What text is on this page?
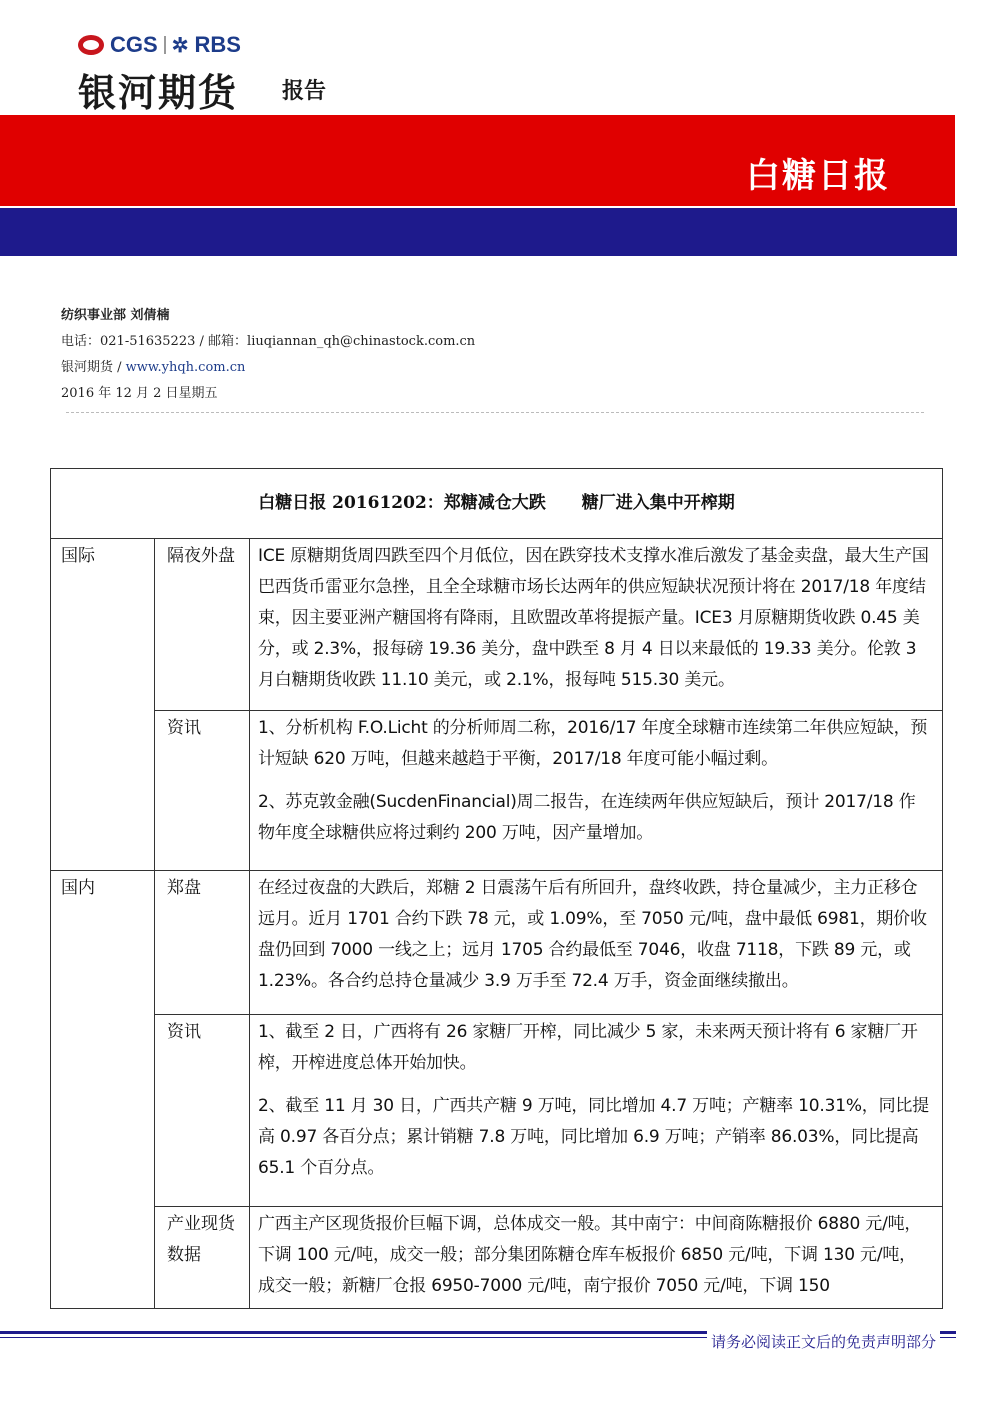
CGS ✲ RBS
银河期货 报告
白糖日报
纺织事业部 刘倩楠
电话：021-51635223 / 邮箱：liuqiannan_qh@chinastock.com.cn
银河期货 / www.yhqh.com.cn
2016 年 12 月 2 日星期五
白糖日报 20161202：郑糖减仓大跌 糖厂进入集中开榨期		
国际	隔夜外盘	ICE 原糖期货周四跌至四个月低位，因在跌穿技术支撑水准后激发了基金卖盘，最大生产国巴西货币雷亚尔急挫，且全全球糖市场长达两年的供应短缺状况预计将在 2017/18 年度结束，因主要亚洲产糖国将有降雨，且欧盟改革将提振产量。ICE3 月原糖期货收跌 0.45 美分，或 2.3%，报每磅 19.36 美分，盘中跌至 8 月 4 日以来最低的 19.33 美分。伦敦 3 月白糖期货收跌 11.10 美元，或 2.1%，报每吨 515.30 美元。

	资讯	1、分析机构 F.O.Licht 的分析师周二称，2016/17 年度全球糖市连续第二年供应短缺，预计短缺 620 万吨，但越来越趋于平衡，2017/18 年度可能小幅过剩。

2、苏克敦金融(SucdenFinancial)周二报告，在连续两年供应短缺后，预计 2017/18 作物年度全球糖供应将过剩约 200 万吨，因产量增加。

国内	郑盘	在经过夜盘的大跌后，郑糖 2 日震荡午后有所回升，盘终收跌，持仓量减少，主力正移仓远月。近月 1701 合约下跌 78 元，或 1.09%，至 7050 元/吨，盘中最低 6981，期价收盘仍回到 7000 一线之上；远月 1705 合约最低至 7046，收盘 7118，下跌 89 元，或 1.23%。各合约总持仓量减少 3.9 万手至 72.4 万手，资金面继续撤出。

	资讯	1、截至 2 日，广西将有 26 家糖厂开榨，同比减少 5 家，未来两天预计将有 6 家糖厂开榨，开榨进度总体开始加快。

2、截至 11 月 30 日，广西共产糖 9 万吨，同比增加 4.7 万吨；产糖率 10.31%，同比提高 0.97 各百分点；累计销糖 7.8 万吨，同比增加 6.9 万吨；产销率 86.03%，同比提高 65.1 个百分点。

	产业现货数据	广西主产区现货报价巨幅下调，总体成交一般。其中南宁：中间商陈糖报价 6880 元/吨，下调 100 元/吨，成交一般；部分集团陈糖仓库车板报价 6850 元/吨，下调 130 元/吨，成交一般；新糖厂仓报 6950-7000 元/吨，南宁报价 7050 元/吨，下调 150

请务必阅读正文后的免责声明部分
